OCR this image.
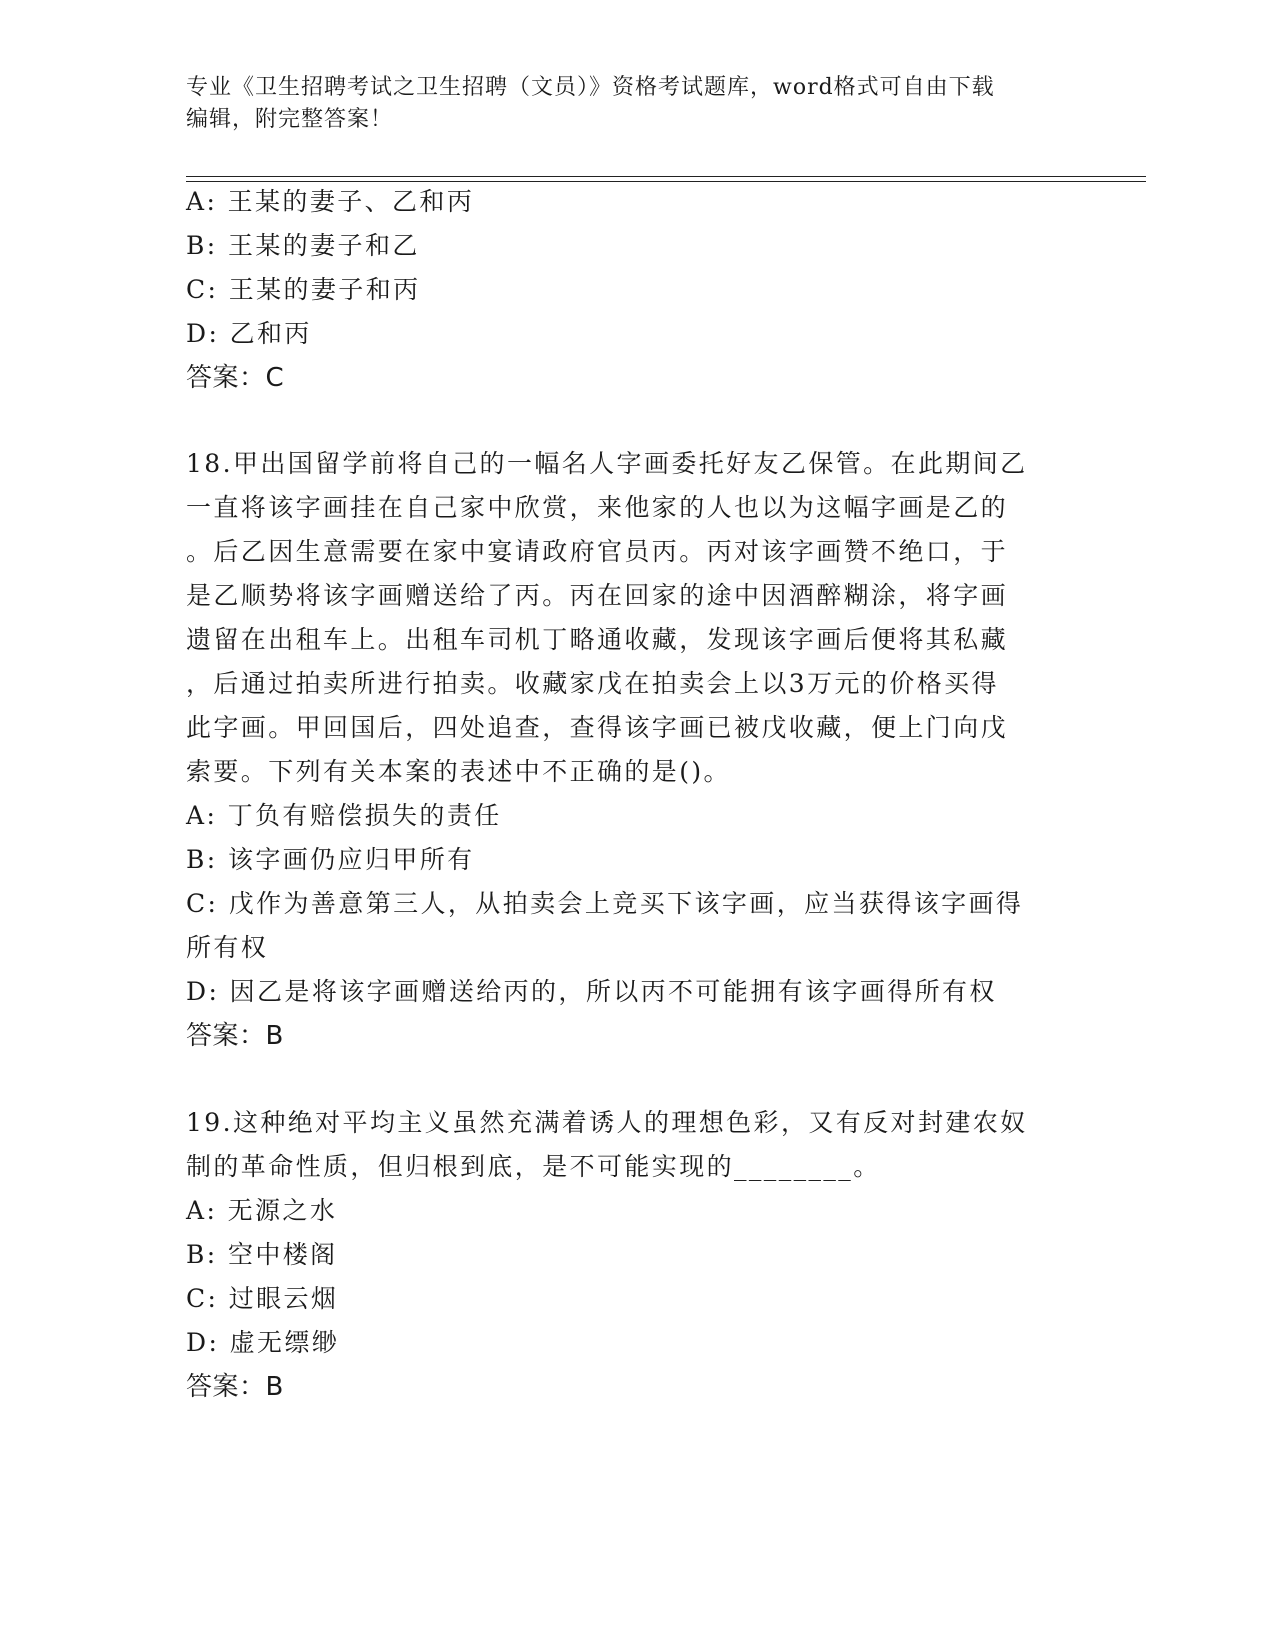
专业《卫生招聘考试之卫生招聘（文员）》资格考试题库，word格式可自由下载
编辑，附完整答案！
A: 王某的妻子、乙和丙
B: 王某的妻子和乙
C: 王某的妻子和丙
D: 乙和丙
答案：C
18.甲出国留学前将自己的一幅名人字画委托好友乙保管。在此期间乙
一直将该字画挂在自己家中欣赏，来他家的人也以为这幅字画是乙的
。后乙因生意需要在家中宴请政府官员丙。丙对该字画赞不绝口，于
是乙顺势将该字画赠送给了丙。丙在回家的途中因酒醉糊涂，将字画
遗留在出租车上。出租车司机丁略通收藏，发现该字画后便将其私藏
，后通过拍卖所进行拍卖。收藏家戊在拍卖会上以3万元的价格买得
此字画。甲回国后，四处追查，查得该字画已被戊收藏，便上门向戊
索要。下列有关本案的表述中不正确的是()。
A: 丁负有赔偿损失的责任
B: 该字画仍应归甲所有
C: 戊作为善意第三人，从拍卖会上竞买下该字画，应当获得该字画得
所有权
D: 因乙是将该字画赠送给丙的，所以丙不可能拥有该字画得所有权
答案：B
19.这种绝对平均主义虽然充满着诱人的理想色彩，又有反对封建农奴
制的革命性质，但归根到底，是不可能实现的________。
A: 无源之水
B: 空中楼阁
C: 过眼云烟
D: 虚无缥缈
答案：B
